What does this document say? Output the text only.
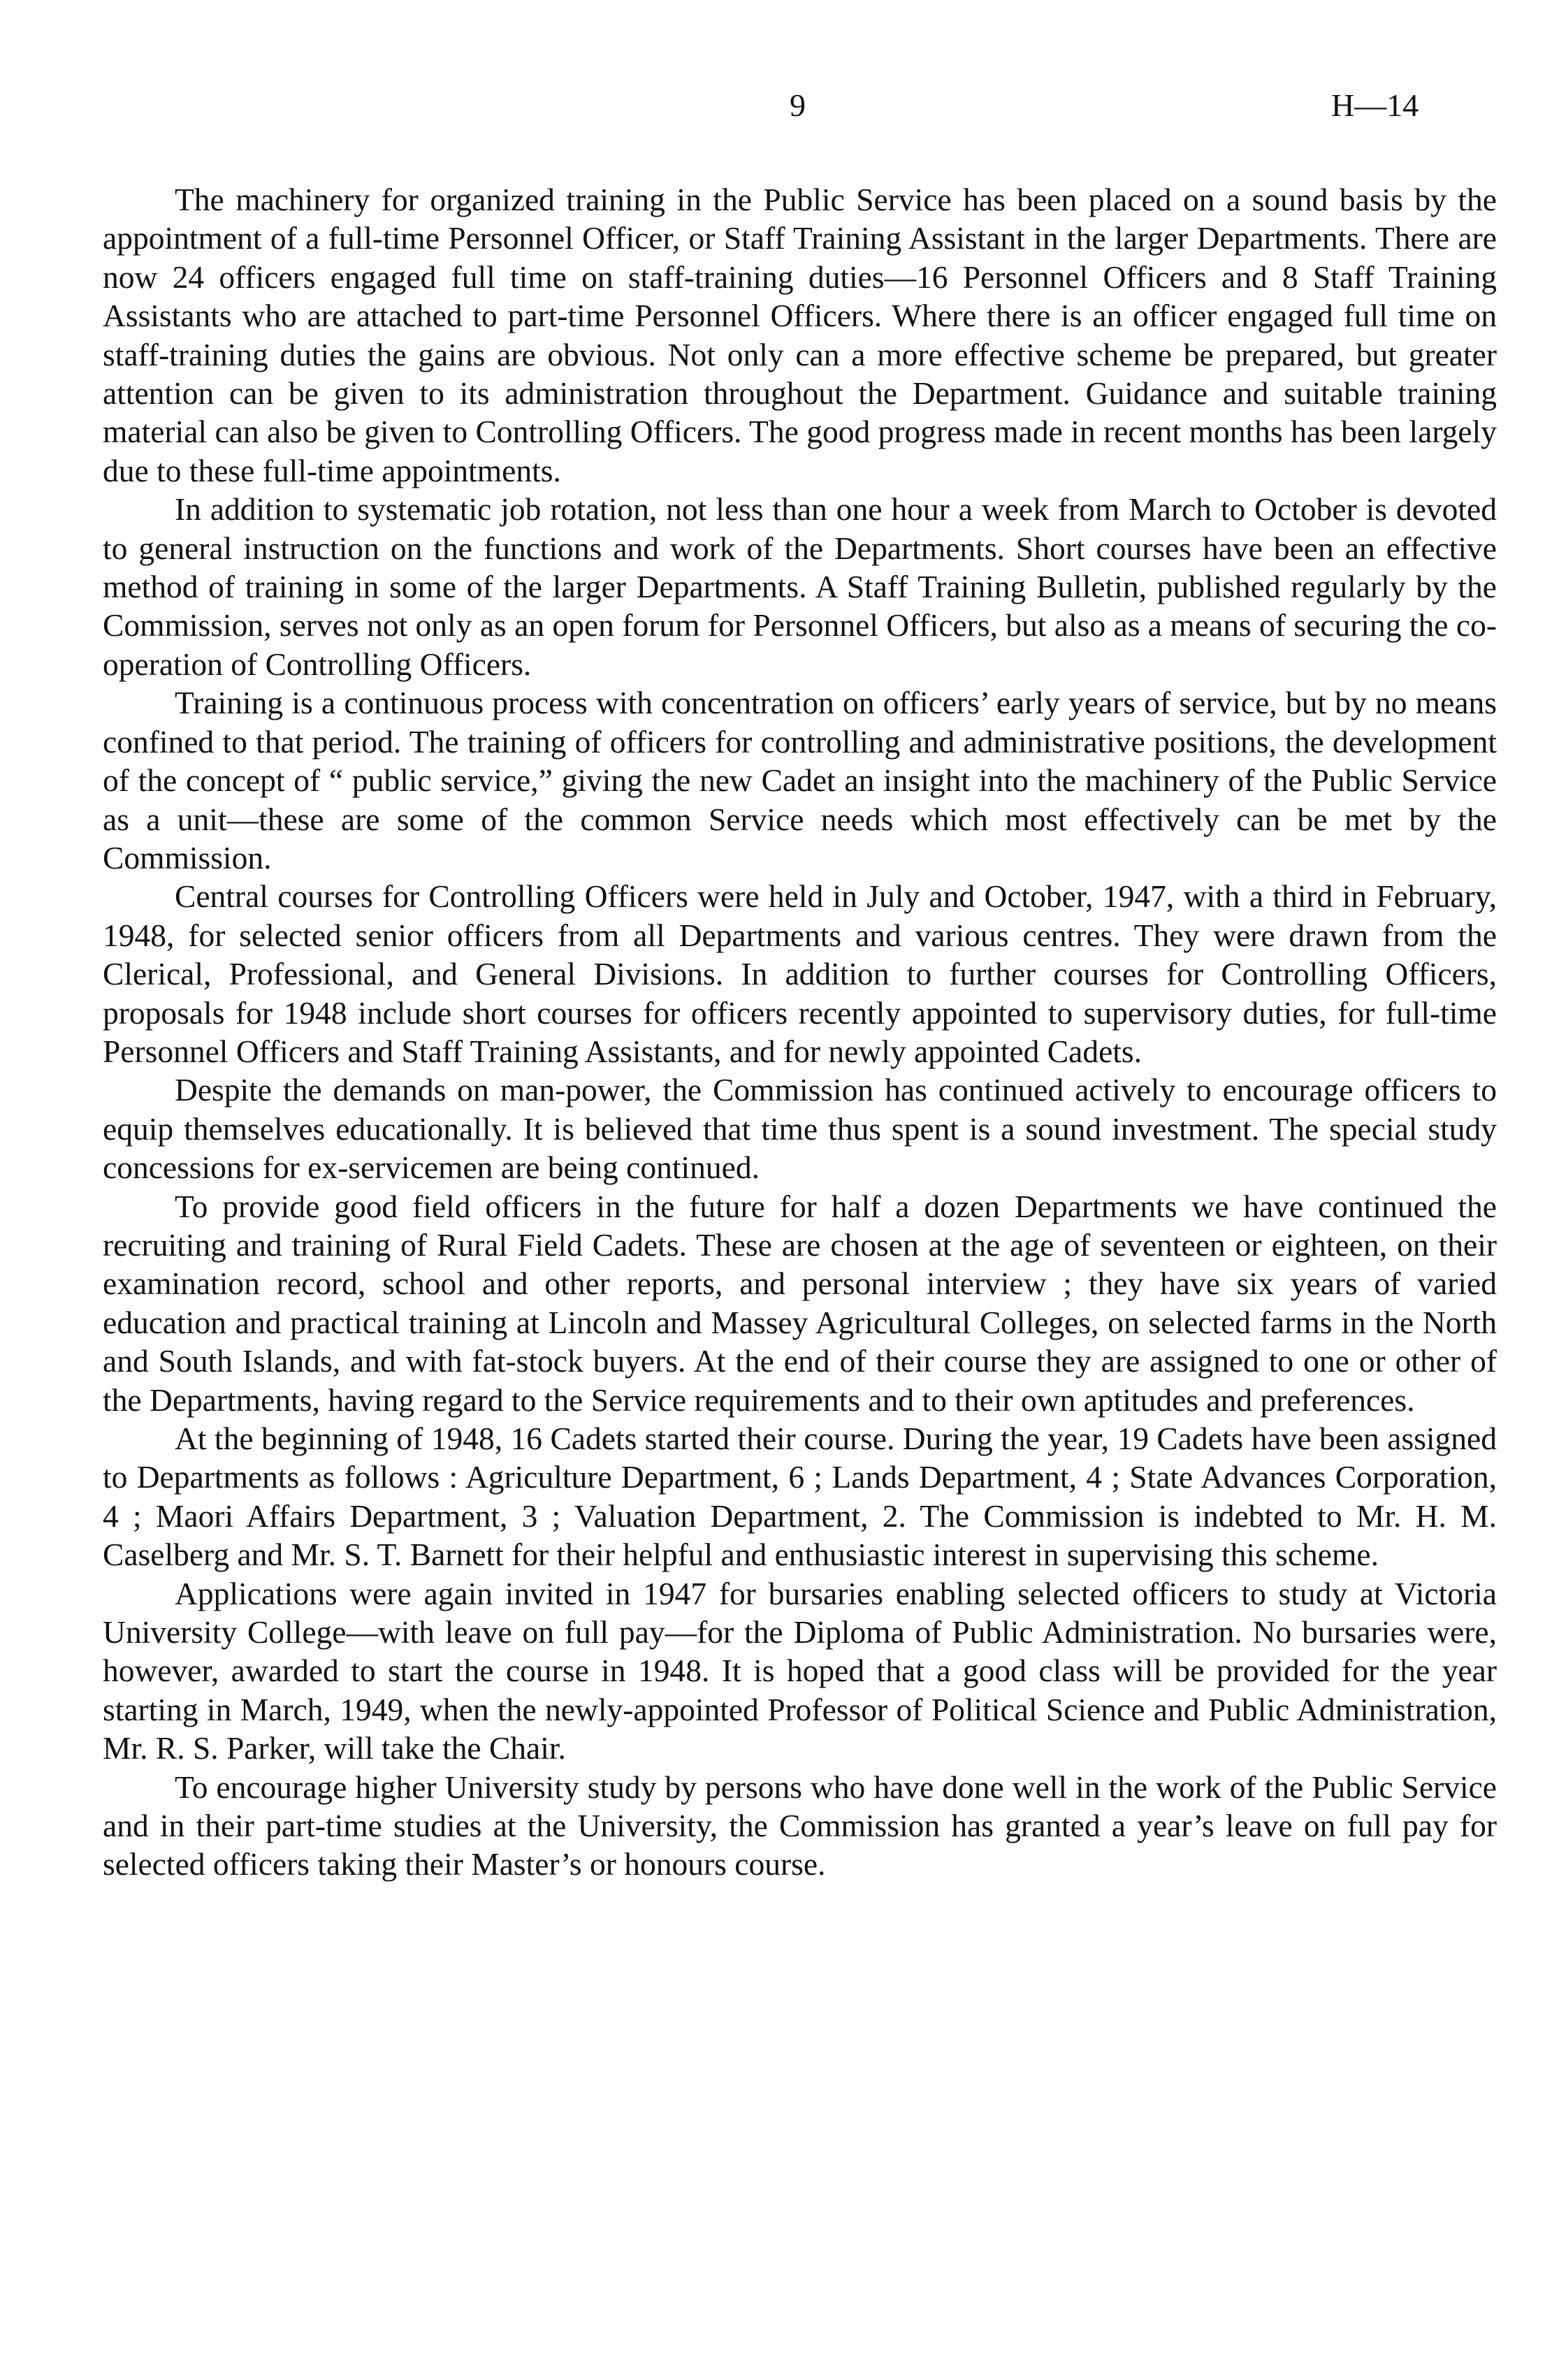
9	H—14

The machinery for organized training in the Public Service has been placed on a sound basis by the appointment of a full-time Personnel Officer, or Staff Training Assistant in the larger Departments. There are now 24 officers engaged full time on staff-training duties—16 Personnel Officers and 8 Staff Training Assistants who are attached to part-time Personnel Officers. Where there is an officer engaged full time on staff-training duties the gains are obvious. Not only can a more effective scheme be prepared, but greater attention can be given to its administration throughout the Department. Guidance and suitable training material can also be given to Controlling Officers. The good progress made in recent months has been largely due to these full-time appointments.

In addition to systematic job rotation, not less than one hour a week from March to October is devoted to general instruction on the functions and work of the Departments. Short courses have been an effective method of training in some of the larger Departments. A Staff Training Bulletin, published regularly by the Commission, serves not only as an open forum for Personnel Officers, but also as a means of securing the co-operation of Controlling Officers.

Training is a continuous process with concentration on officers’ early years of service, but by no means confined to that period. The training of officers for controlling and administrative positions, the development of the concept of “ public service,” giving the new Cadet an insight into the machinery of the Public Service as a unit—these are some of the common Service needs which most effectively can be met by the Commission.

Central courses for Controlling Officers were held in July and October, 1947, with a third in February, 1948, for selected senior officers from all Departments and various centres. They were drawn from the Clerical, Professional, and General Divisions. In addition to further courses for Controlling Officers, proposals for 1948 include short courses for officers recently appointed to supervisory duties, for full-time Personnel Officers and Staff Training Assistants, and for newly appointed Cadets.

Despite the demands on man-power, the Commission has continued actively to encourage officers to equip themselves educationally. It is believed that time thus spent is a sound investment. The special study concessions for ex-servicemen are being continued.

To provide good field officers in the future for half a dozen Departments we have continued the recruiting and training of Rural Field Cadets. These are chosen at the age of seventeen or eighteen, on their examination record, school and other reports, and personal interview ; they have six years of varied education and practical training at Lincoln and Massey Agricultural Colleges, on selected farms in the North and South Islands, and with fat-stock buyers. At the end of their course they are assigned to one or other of the Departments, having regard to the Service requirements and to their own aptitudes and preferences.

At the beginning of 1948, 16 Cadets started their course. During the year, 19 Cadets have been assigned to Departments as follows : Agriculture Department, 6 ; Lands Department, 4 ; State Advances Corporation, 4 ; Maori Affairs Department, 3 ; Valuation Department, 2. The Commission is indebted to Mr. H. M. Caselberg and Mr. S. T. Barnett for their helpful and enthusiastic interest in supervising this scheme.

Applications were again invited in 1947 for bursaries enabling selected officers to study at Victoria University College—with leave on full pay—for the Diploma of Public Administration. No bursaries were, however, awarded to start the course in 1948. It is hoped that a good class will be provided for the year starting in March, 1949, when the newly-appointed Professor of Political Science and Public Administration, Mr. R. S. Parker, will take the Chair.

To encourage higher University study by persons who have done well in the work of the Public Service and in their part-time studies at the University, the Commission has granted a year’s leave on full pay for selected officers taking their Master’s or honours course.
